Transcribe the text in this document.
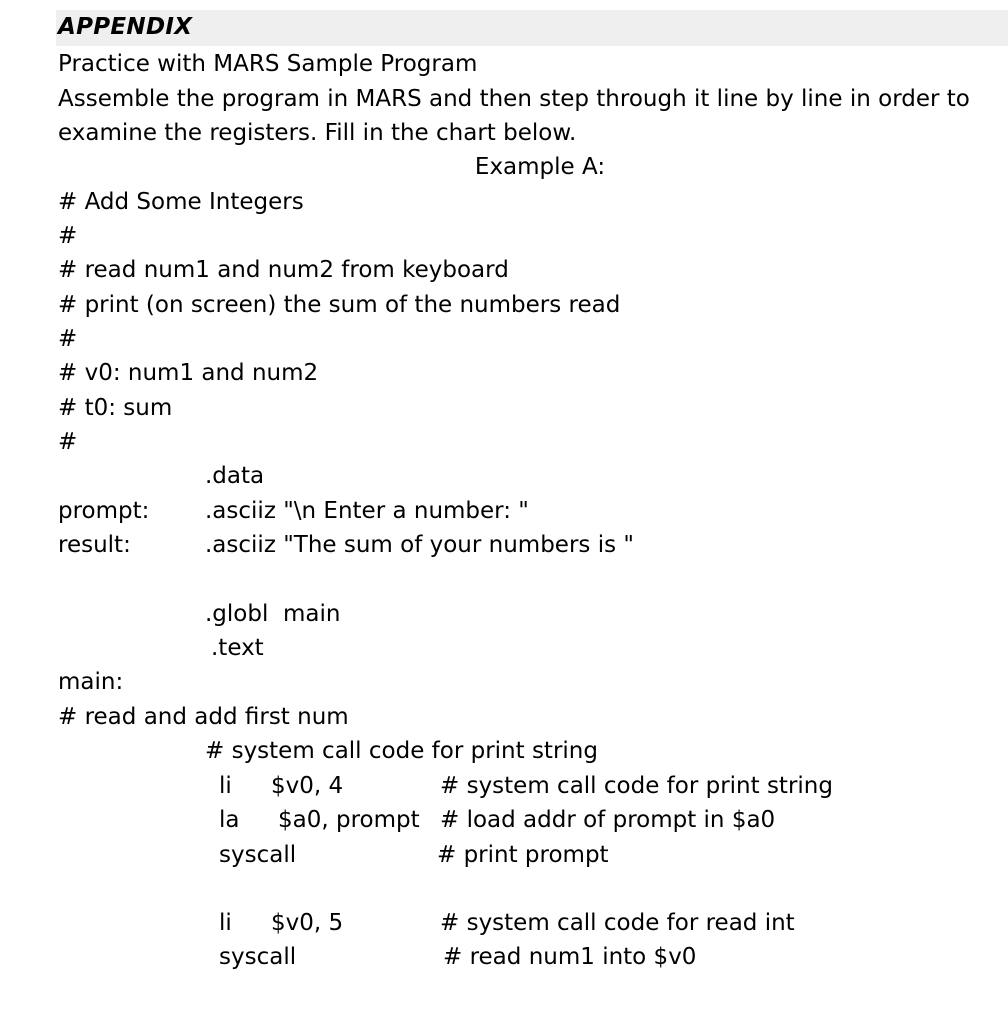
APPENDIX
Practice with MARS Sample Program
Assemble the program in MARS and then step through it line by line in order to
examine the registers. Fill in the chart below.
Example A:
# Add Some Integers
#
# read num1 and num2 from keyboard
# print (on screen) the sum of the numbers read
#
# v0: num1 and num2
# t0: sum
#
.data
prompt: .asciiz "\n Enter a number: "
result:	.asciiz "The sum of your numbers is "
.globl  main
.text
main:
# read and add first num
# system call code for print string
li $v0, 4	# system call code for print string
la $a0, prompt # load addr of prompt in $a0
syscall	# print prompt
li $v0, 5	# system call code for read int
syscall	# read num1 into $v0
